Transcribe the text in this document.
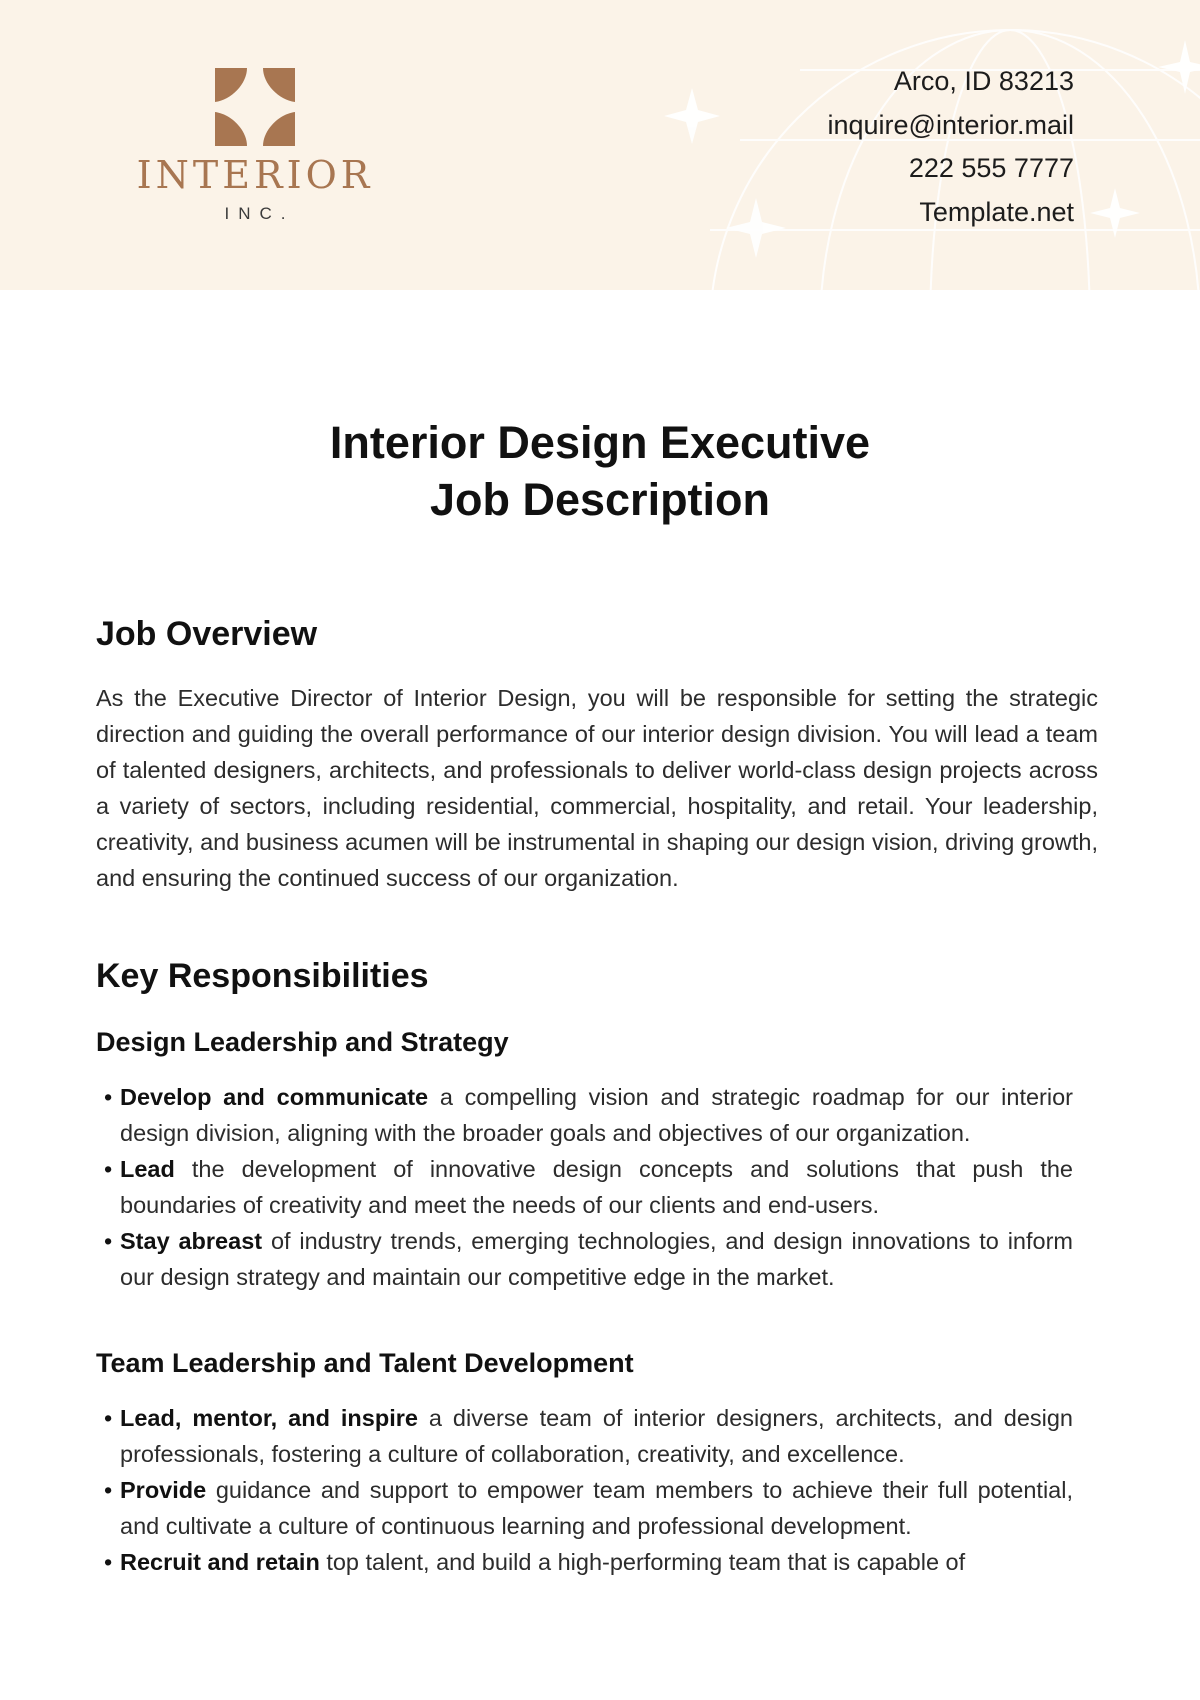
INTERIOR
INC.
Arco, ID 83213
inquire@interior.mail
222 555 7777
Template.net
Interior Design Executive
Job Description
Job Overview

As the Executive Director of Interior Design, you will be responsible for setting the strategic direction and guiding the overall performance of our interior design division. You will lead a team of talented designers, architects, and professionals to deliver world-class design projects across a variety of sectors, including residential, commercial, hospitality, and retail. Your leadership, creativity, and business acumen will be instrumental in shaping our design vision, driving growth, and ensuring the continued success of our organization.

Key Responsibilities
Design Leadership and Strategy
• Develop and communicate a compelling vision and strategic roadmap for our interior design division, aligning with the broader goals and objectives of our organization.
• Lead the development of innovative design concepts and solutions that push the boundaries of creativity and meet the needs of our clients and end-users.
• Stay abreast of industry trends, emerging technologies, and design innovations to inform our design strategy and maintain our competitive edge in the market.
Team Leadership and Talent Development
• Lead, mentor, and inspire a diverse team of interior designers, architects, and design professionals, fostering a culture of collaboration, creativity, and excellence.
• Provide guidance and support to empower team members to achieve their full potential, and cultivate a culture of continuous learning and professional development.
• Recruit and retain top talent, and build a high-performing team that is capable of
